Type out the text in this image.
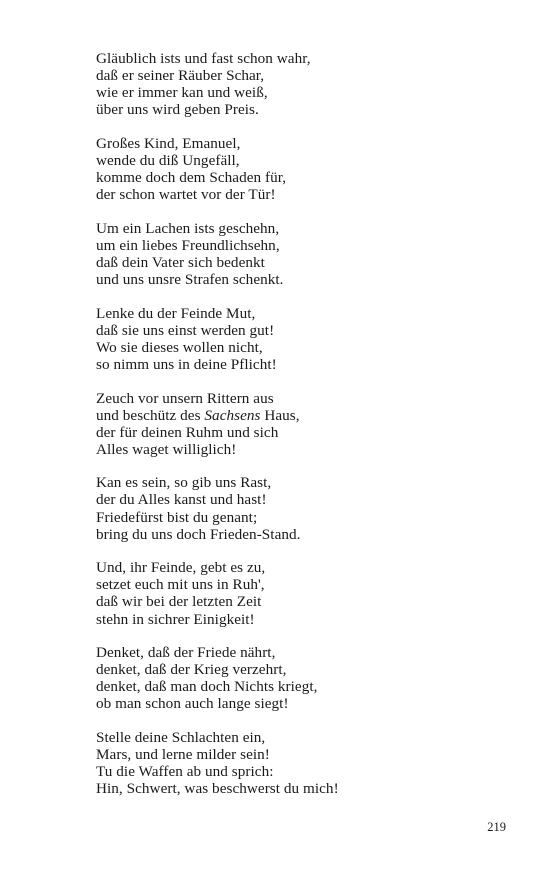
Gläublich ists und fast schon wahr,
daß er seiner Räuber Schar,
wie er immer kan und weiß,
über uns wird geben Preis.
Großes Kind, Emanuel,
wende du diß Ungefäll,
komme doch dem Schaden für,
der schon wartet vor der Tür!
Um ein Lachen ists geschehn,
um ein liebes Freundlichsehn,
daß dein Vater sich bedenkt
und uns unsre Strafen schenkt.
Lenke du der Feinde Mut,
daß sie uns einst werden gut!
Wo sie dieses wollen nicht,
so nimm uns in deine Pflicht!
Zeuch vor unsern Rittern aus
und beschütz des Sachsens Haus,
der für deinen Ruhm und sich
Alles waget williglich!
Kan es sein, so gib uns Rast,
der du Alles kanst und hast!
Friedefürst bist du genant;
bring du uns doch Frieden-Stand.
Und, ihr Feinde, gebt es zu,
setzet euch mit uns in Ruh',
daß wir bei der letzten Zeit
stehn in sichrer Einigkeit!
Denket, daß der Friede nährt,
denket, daß der Krieg verzehrt,
denket, daß man doch Nichts kriegt,
ob man schon auch lange siegt!
Stelle deine Schlachten ein,
Mars, und lerne milder sein!
Tu die Waffen ab und sprich:
Hin, Schwert, was beschwerst du mich!
219
